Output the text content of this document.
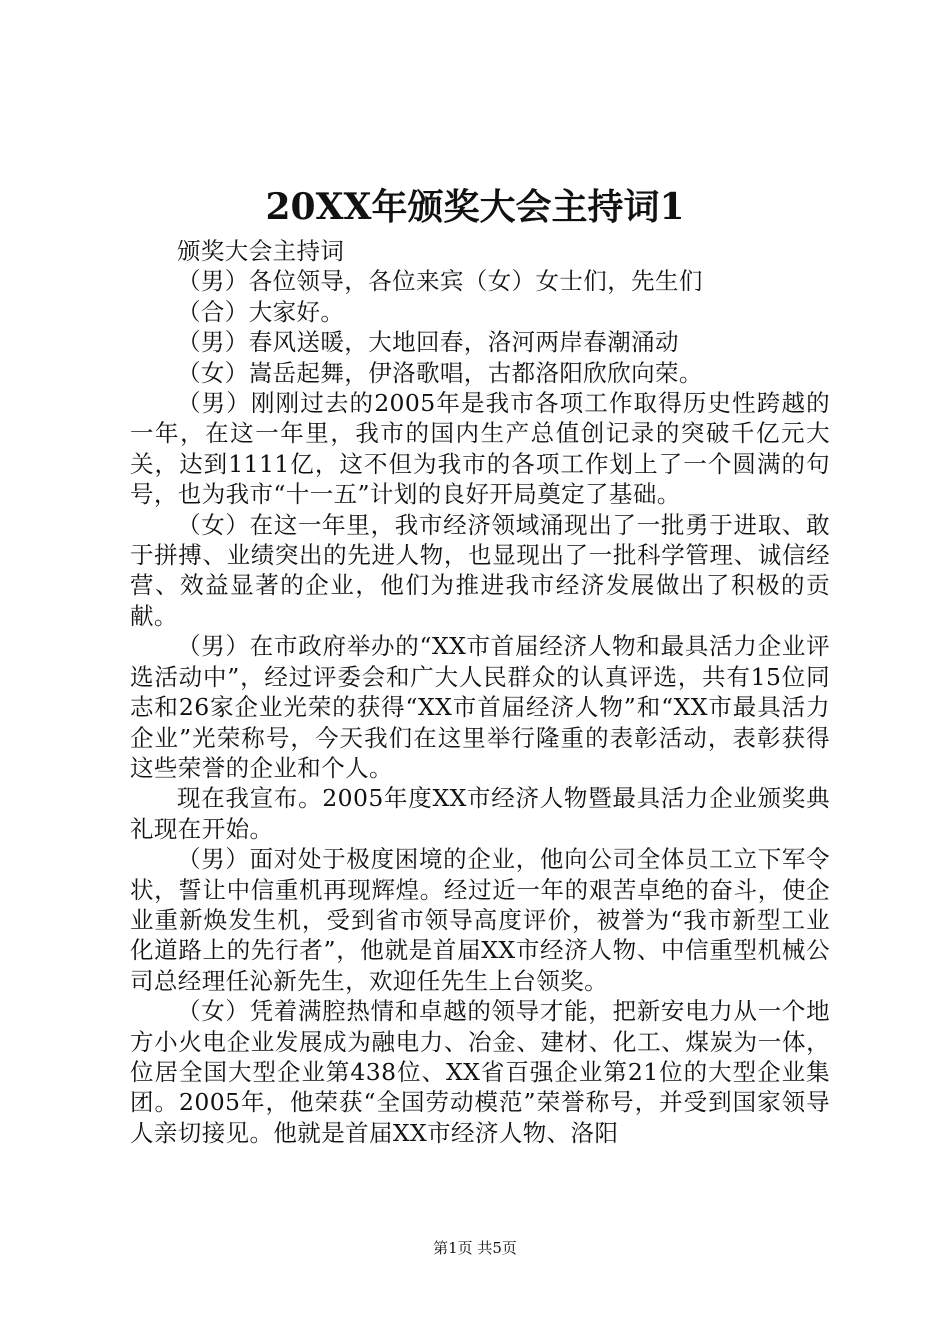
20XX年颁奖大会主持词1

颁奖大会主持词

（男）各位领导，各位来宾（女）女士们，先生们

（合）大家好。

（男）春风送暖，大地回春，洛河两岸春潮涌动

（女）嵩岳起舞，伊洛歌唱，古都洛阳欣欣向荣。

（男）刚刚过去的2005年是我市各项工作取得历史性跨越的一年，在这一年里，我市的国内生产总值创记录的突破千亿元大关，达到1111亿，这不但为我市的各项工作划上了一个圆满的句号，也为我市“十一五”计划的良好开局奠定了基础。

（女）在这一年里，我市经济领域涌现出了一批勇于进取、敢于拼搏、业绩突出的先进人物，也显现出了一批科学管理、诚信经营、效益显著的企业，他们为推进我市经济发展做出了积极的贡献。

（男）在市政府举办的“XX市首届经济人物和最具活力企业评选活动中”，经过评委会和广大人民群众的认真评选，共有15位同志和26家企业光荣的获得“XX市首届经济人物”和“XX市最具活力企业”光荣称号，今天我们在这里举行隆重的表彰活动，表彰获得这些荣誉的企业和个人。

现在我宣布。2005年度XX市经济人物暨最具活力企业颁奖典礼现在开始。

（男）面对处于极度困境的企业，他向公司全体员工立下军令状，誓让中信重机再现辉煌。经过近一年的艰苦卓绝的奋斗，使企业重新焕发生机，受到省市领导高度评价，被誉为“我市新型工业化道路上的先行者”，他就是首届XX市经济人物、中信重型机械公司总经理任沁新先生，欢迎任先生上台领奖。

（女）凭着满腔热情和卓越的领导才能，把新安电力从一个地方小火电企业发展成为融电力、冶金、建材、化工、煤炭为一体，位居全国大型企业第438位、XX省百强企业第21位的大型企业集团。2005年，他荣获“全国劳动模范”荣誉称号，并受到国家领导人亲切接见。他就是首届XX市经济人物、洛阳

第1页 共5页
